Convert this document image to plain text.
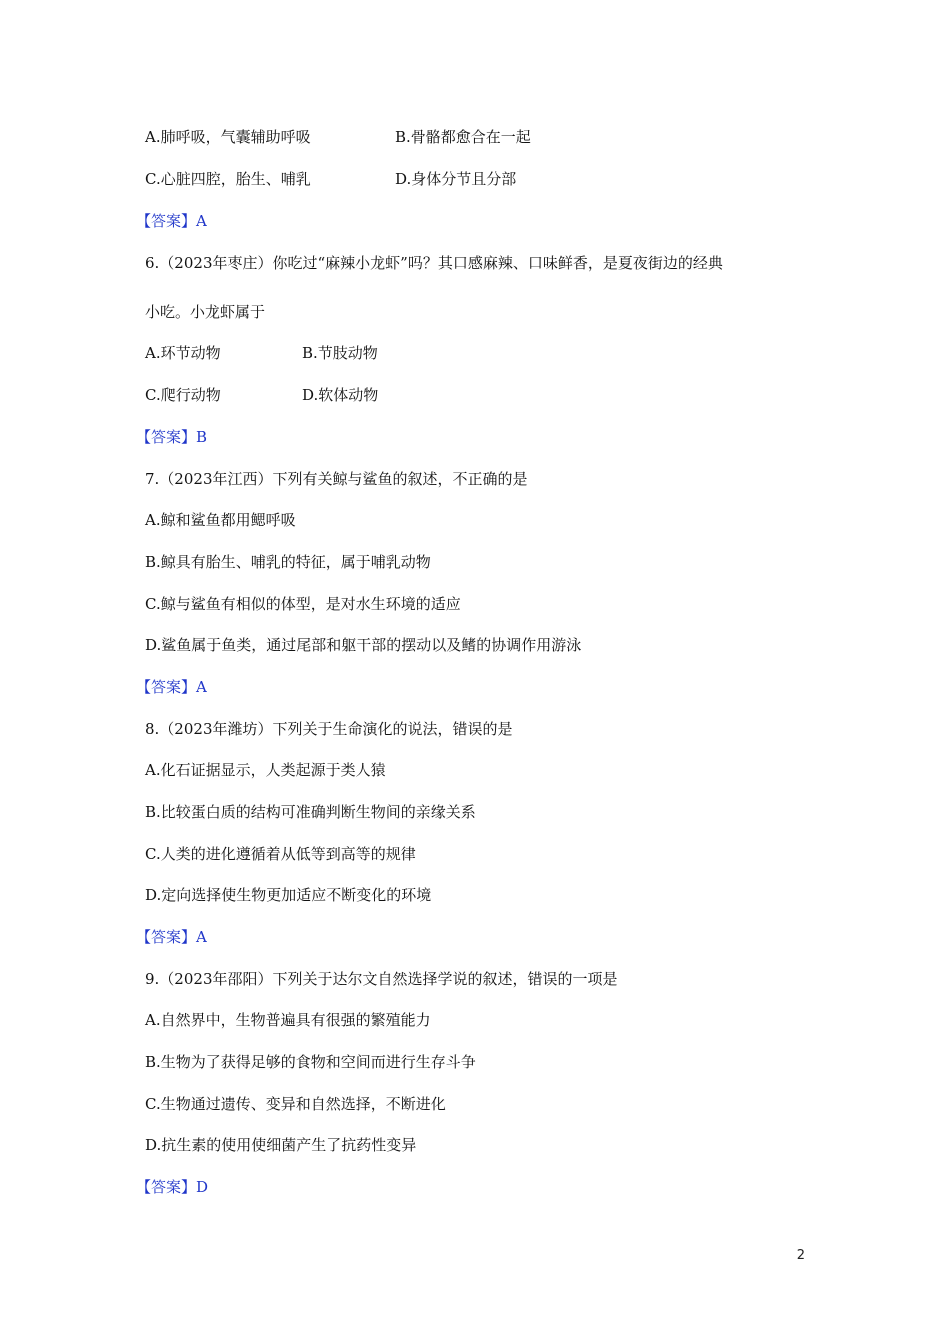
A.肺呼吸，气囊辅助呼吸	B.骨骼都愈合在一起
C.心脏四腔，胎生、哺乳	D.身体分节且分部
【答案】A
6.（2023年枣庄）你吃过“麻辣小龙虾”吗？其口感麻辣、口味鲜香，是夏夜街边的经典
小吃。小龙虾属于
A.环节动物	B.节肢动物
C.爬行动物	D.软体动物
【答案】B
7.（2023年江西）下列有关鲸与鲨鱼的叙述，不正确的是
A.鲸和鲨鱼都用鳃呼吸
B.鲸具有胎生、哺乳的特征，属于哺乳动物
C.鲸与鲨鱼有相似的体型，是对水生环境的适应
D.鲨鱼属于鱼类，通过尾部和躯干部的摆动以及鳍的协调作用游泳
【答案】A
8.（2023年潍坊）下列关于生命演化的说法，错误的是
A.化石证据显示，人类起源于类人猿
B.比较蛋白质的结构可准确判断生物间的亲缘关系
C.人类的进化遵循着从低等到高等的规律
D.定向选择使生物更加适应不断变化的环境
【答案】A
9.（2023年邵阳）下列关于达尔文自然选择学说的叙述，错误的一项是
A.自然界中，生物普遍具有很强的繁殖能力
B.生物为了获得足够的食物和空间而进行生存斗争
C.生物通过遗传、变异和自然选择，不断进化
D.抗生素的使用使细菌产生了抗药性变异
【答案】D
2
